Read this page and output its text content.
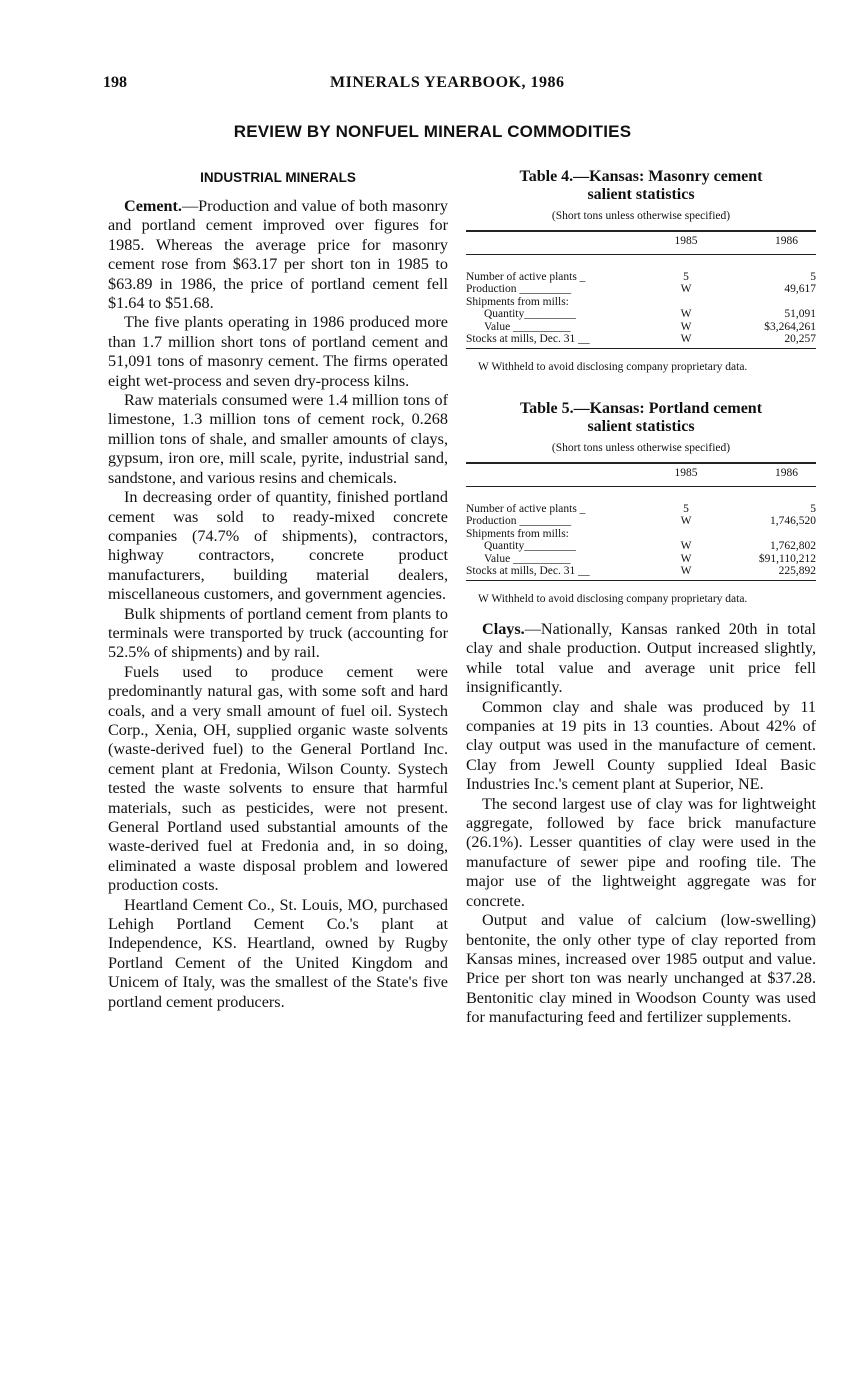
198	MINERALS YEARBOOK, 1986
REVIEW BY NONFUEL MINERAL COMMODITIES
INDUSTRIAL MINERALS

Cement.—Production and value of both masonry and portland cement improved over figures for 1985. Whereas the average price for masonry cement rose from $63.17 per short ton in 1985 to $63.89 in 1986, the price of portland cement fell $1.64 to $51.68.

The five plants operating in 1986 produced more than 1.7 million short tons of portland cement and 51,091 tons of masonry cement. The firms operated eight wet-process and seven dry-process kilns.

Raw materials consumed were 1.4 million tons of limestone, 1.3 million tons of cement rock, 0.268 million tons of shale, and smaller amounts of clays, gypsum, iron ore, mill scale, pyrite, industrial sand, sandstone, and various resins and chemicals.

In decreasing order of quantity, finished portland cement was sold to ready-mixed concrete companies (74.7% of shipments), contractors, highway contractors, concrete product manufacturers, building material dealers, miscellaneous customers, and government agencies.

Bulk shipments of portland cement from plants to terminals were transported by truck (accounting for 52.5% of shipments) and by rail.

Fuels used to produce cement were predominantly natural gas, with some soft and hard coals, and a very small amount of fuel oil. Systech Corp., Xenia, OH, supplied organic waste solvents (waste-derived fuel) to the General Portland Inc. cement plant at Fredonia, Wilson County. Systech tested the waste solvents to ensure that harmful materials, such as pesticides, were not present. General Portland used substantial amounts of the waste-derived fuel at Fredonia and, in so doing, eliminated a waste disposal problem and lowered production costs.

Heartland Cement Co., St. Louis, MO, purchased Lehigh Portland Cement Co.'s plant at Independence, KS. Heartland, owned by Rugby Portland Cement of the United Kingdom and Unicem of Italy, was the smallest of the State's five portland cement producers.

Table 4.—Kansas: Masonry cement

salient statistics

(Short tons unless otherwise specified)

	1985	1986
Number of active plants _	5	5
Production _________	W	49,617
Shipments from mills:		
Quantity_________	W	51,091
Value __________	W	$3,264,261
Stocks at mills, Dec. 31 __	W	20,257

W Withheld to avoid disclosing company proprietary data.

Table 5.—Kansas: Portland cement

salient statistics

(Short tons unless otherwise specified)

	1985	1986
Number of active plants _	5	5
Production _________	W	1,746,520
Shipments from mills:		
Quantity_________	W	1,762,802
Value __________	W	$91,110,212
Stocks at mills, Dec. 31 __	W	225,892

W Withheld to avoid disclosing company proprietary data.

Clays.—Nationally, Kansas ranked 20th in total clay and shale production. Output increased slightly, while total value and average unit price fell insignificantly.

Common clay and shale was produced by 11 companies at 19 pits in 13 counties. About 42% of clay output was used in the manufacture of cement. Clay from Jewell County supplied Ideal Basic Industries Inc.'s cement plant at Superior, NE.

The second largest use of clay was for lightweight aggregate, followed by face brick manufacture (26.1%). Lesser quantities of clay were used in the manufacture of sewer pipe and roofing tile. The major use of the lightweight aggregate was for concrete.

Output and value of calcium (low-swelling) bentonite, the only other type of clay reported from Kansas mines, increased over 1985 output and value. Price per short ton was nearly unchanged at $37.28. Bentonitic clay mined in Woodson County was used for manufacturing feed and fertilizer supplements.
